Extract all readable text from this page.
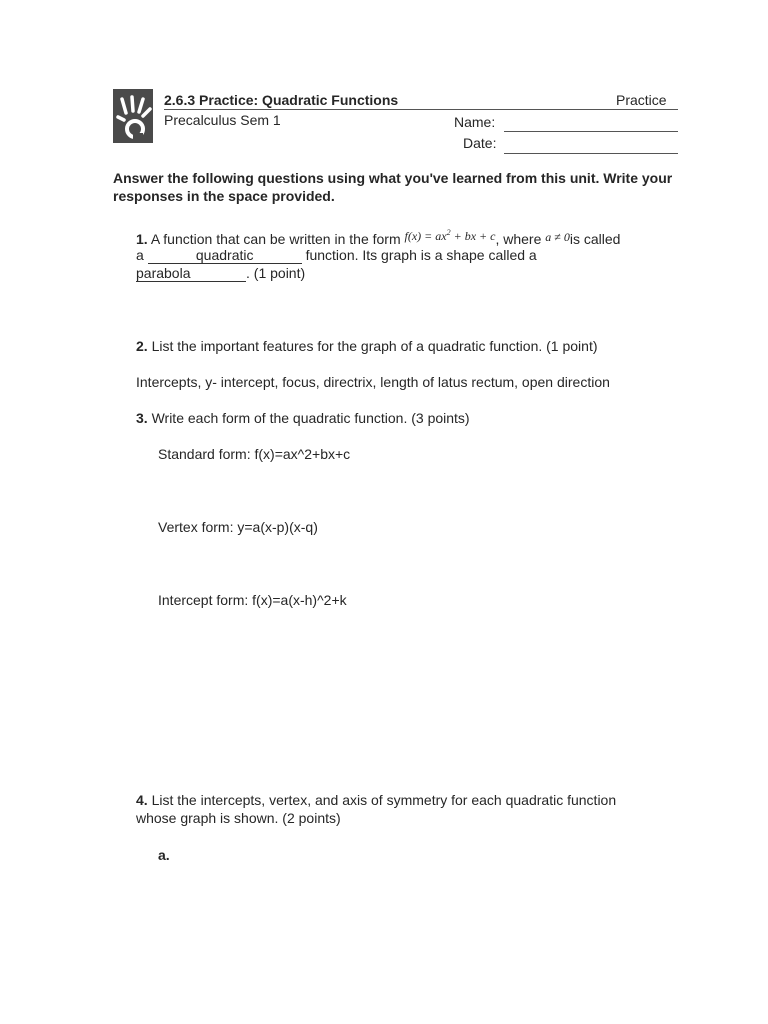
2.6.3 Practice: Quadratic Functions	Practice
Precalculus Sem 1	Name:
Date:
Answer the following questions using what you've learned from this unit. Write your responses in the space provided.
1. A function that can be written in the form $f(x) = ax^2$ + bx + c, where a ≠ 0is called
a	quadratic	function. Its graph is a shape called a
parabola	. (1 point)
2. List the important features for the graph of a quadratic function. (1 point)
Intercepts, y- intercept, focus, directrix, length of latus rectum, open direction
3. Write each form of the quadratic function. (3 points)
Standard form: f(x)=ax^2+bx+c
Vertex form: y=a(x-p)(x-q)
Intercept form: f(x)=a(x-h)^2+k
4. List the intercepts, vertex, and axis of symmetry for each quadratic function
whose graph is shown. (2 points)
a.
